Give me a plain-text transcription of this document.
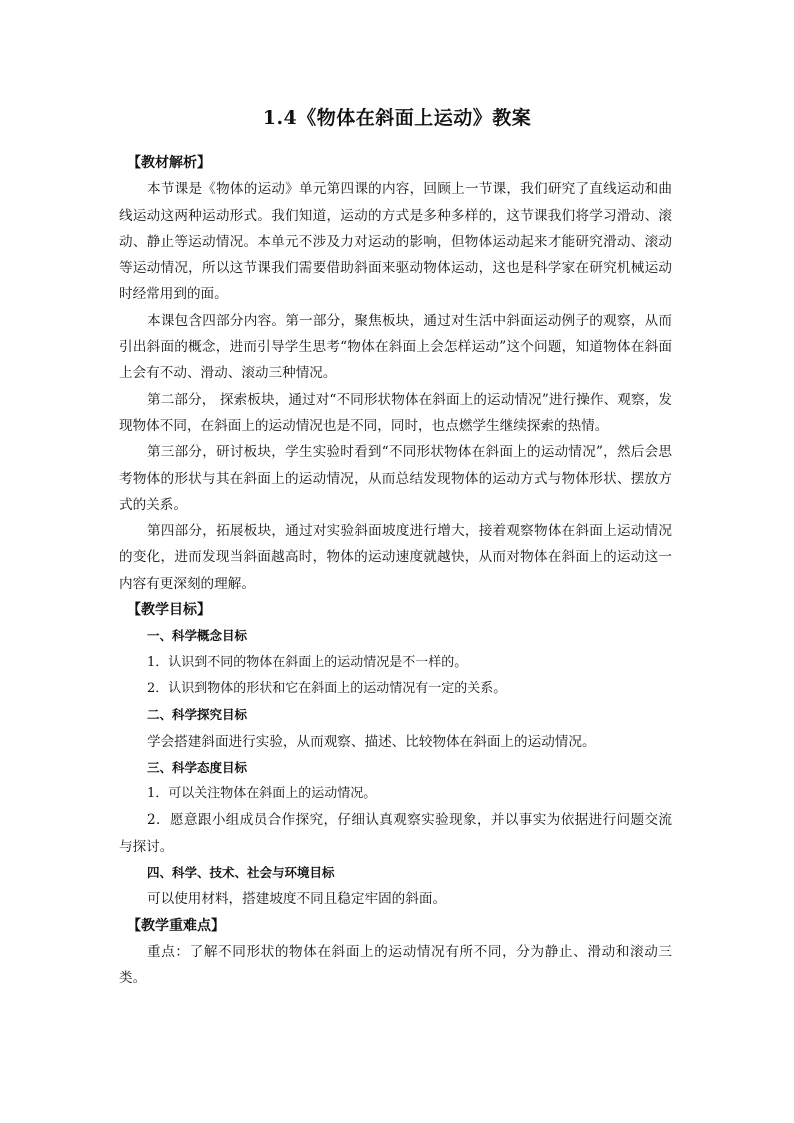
1.4《物体在斜面上运动》教案

【教材解析】

本节课是《物体的运动》单元第四课的内容，回顾上一节课，我们研究了直线运动和曲线运动这两种运动形式。我们知道，运动的方式是多种多样的，这节课我们将学习滑动、滚动、静止等运动情况。本单元不涉及力对运动的影响，但物体运动起来才能研究滑动、滚动等运动情况，所以这节课我们需要借助斜面来驱动物体运动，这也是科学家在研究机械运动时经常用到的面。

本课包含四部分内容。第一部分，聚焦板块，通过对生活中斜面运动例子的观察，从而引出斜面的概念，进而引导学生思考“物体在斜面上会怎样运动”这个问题，知道物体在斜面上会有不动、滑动、滚动三种情况。

第二部分， 探索板块，通过对“不同形状物体在斜面上的运动情况”进行操作、观察，发现物体不同，在斜面上的运动情况也是不同，同时，也点燃学生继续探索的热情。

第三部分，研讨板块，学生实验时看到“不同形状物体在斜面上的运动情况”，然后会思考物体的形状与其在斜面上的运动情况，从而总结发现物体的运动方式与物体形状、摆放方式的关系。

第四部分，拓展板块，通过对实验斜面坡度进行增大，接着观察物体在斜面上运动情况的变化，进而发现当斜面越高时，物体的运动速度就越快，从而对物体在斜面上的运动这一内容有更深刻的理解。

【教学目标】

一、科学概念目标

1．认识到不同的物体在斜面上的运动情况是不一样的。

2．认识到物体的形状和它在斜面上的运动情况有一定的关系。

二、科学探究目标

学会搭建斜面进行实验，从而观察、描述、比较物体在斜面上的运动情况。

三、科学态度目标

1．可以关注物体在斜面上的运动情况。

2．愿意跟小组成员合作探究，仔细认真观察实验现象，并以事实为依据进行问题交流与探讨。

四、科学、技术、社会与环境目标

可以使用材料，搭建坡度不同且稳定牢固的斜面。

【教学重难点】

重点：了解不同形状的物体在斜面上的运动情况有所不同，分为静止、滑动和滚动三类。
